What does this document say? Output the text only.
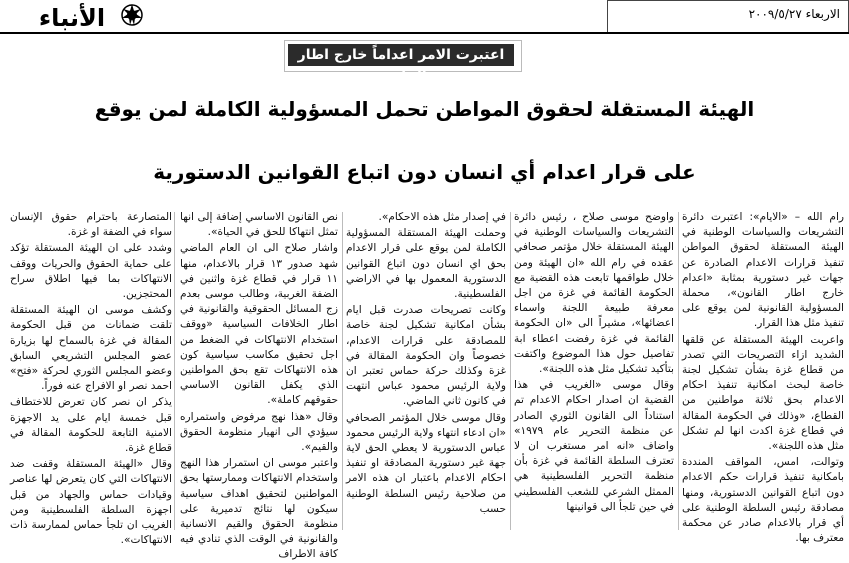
الاربعاء ٢٠٠٩/٥/٢٧
الأنباء
اعتبرت الامر اعداماً خارج اطار القانون
الهيئة المستقلة لحقوق المواطن تحمل المسؤولية الكاملة لمن يوقع
على قرار اعدام أي انسان دون اتباع القوانين الدستورية

رام الله – «الايام»: اعتبرت دائرة التشريعات والسياسات الوطنية في الهيئة المستقلة لحقوق المواطن تنفيذ قرارات الاعدام الصادرة عن جهات غير دستورية بمثابة «اعدام خارج اطار القانون»، محملة المسؤولية القانونية لمن يوقع على تنفيذ مثل هذا القرار.

واعربت الهيئة المستقلة عن قلقها الشديد ازاء التصريحات التي تصدر من قطاع غزة بشأن تشكيل لجنة خاصة لبحث امكانية تنفيذ احكام الاعدام بحق ثلاثة مواطنين من القطاع، «وذلك في الحكومة المقالة في قطاع غزة اكدت انها لم تشكل مثل هذه اللجنة».

وتوالت، امس، المواقف المنددة بامكانية تنفيذ قرارات حكم الاعدام دون اتباع القوانين الدستورية، ومنها مصادقة رئيس السلطة الوطنية على أي قرار بالاعدام صادر عن محكمة معترف بها.

واوضح موسى صلاح ، رئيس دائرة التشريعات والسياسات الوطنية في الهيئة المستقلة خلال مؤتمر صحافي عقده في رام الله «ان الهيئة ومن خلال طواقمها تابعت هذه القضية مع الحكومة القائمة في غزة من اجل معرفة طبيعة اللجنة واسماء اعضائها»، مشيراً الى «ان الحكومة القائمة في غزة رفضت اعطاء ابة تفاصيل حول هذا الموضوع واكتفت بتأكيد تشكيل مثل هذه اللجنة».

وقال موسى «الغريب في هذا القضية ان اصدار احكام الاعدام تم استناداً الى القانون الثوري الصادر عن منظمة التحرير عام ١٩٧٩» واضاف «انه امر مستغرب ان لا تعترف السلطة القائمة في غزة بأن منظمة التحرير الفلسطينية هي الممثل الشرعي للشعب الفلسطيني في حين تلجأ الى قوانينها

في إصدار مثل هذه الاحكام».

وحملت الهيئة المستقلة المسؤولية الكاملة لمن يوقع على قرار الاعدام بحق اي انسان دون اتباع القوانين الدستورية المعمول بها في الاراضي الفلسطينية.

وكانت تصريحات صدرت قبل ايام بشأن امكانية تشكيل لجنة خاصة للمصادقة على قرارات الاعدام، خصوصاً وان الحكومة المقالة في غزة وكذلك حركة حماس تعتبر ان ولاية الرئيس محمود عباس انتهت في كانون ثاني الماضي.

وقال موسى خلال المؤتمر الصحافي «ان ادعاء انتهاء ولاية الرئيس محمود عباس الدستورية لا يعطي الحق لاية جهة غير دستورية المصادقة او تنفيذ احكام الاعدام باعتبار ان هذه الامر من صلاحية رئيس السلطة الوطنية حسب

نص القانون الاساسي إضافة إلى انها تمثل انتهاكا للحق في الحياة».

واشار صلاح الى ان العام الماضي شهد صدور ١٣ قرار بالاعدام، منها ١١ قرار في قطاع غزة واثنين في الضفة الغربية، وطالب موسى بعدم زج المسائل الحقوقية والقانونية في اطار الخلافات السياسية «ووقف استخدام الانتهاكات في الضغط من اجل تحقيق مكاسب سياسية كون هذه الانتهاكات تقع بحق المواطنين الذي يكفل القانون الاساسي حقوقهم كاملة».

وقال «هذا نهج مرفوض واستمراره سيؤدي الى انهيار منظومة الحقوق والقيم».

واعتبر موسى ان استمرار هذا النهج واستخدام الانتهاكات وممارستها بحق المواطنين لتحقيق اهداف سياسية سيكون لها نتائج تدميرية على منظومة الحقوق والقيم الانسانية والقانونية في الوقت الذي تنادي فيه كافة الاطراف

المتصارعة باحترام حقوق الإنسان سواء في الضفة او غزة.

وشدد على ان الهيئة المستقلة تؤكد على حماية الحقوق والحريات ووقف الانتهاكات بما فيها اطلاق سراح المحتجزين.

وكشف موسى ان الهيئة المستقلة تلقت ضمانات من قبل الحكومة المقالة في غزة بالسماح لها بزيارة عضو المجلس التشريعي السابق وعضو المجلس الثوري لحركة «فتح» احمد نصر او الافراج عنه فوراً.

يذكر ان نصر كان تعرض للاختطاف قبل خمسة ايام على يد الاجهزة الامنية التابعة للحكومة المقالة في قطاع غزة.

وقال «الهيئة المستقلة وقفت ضد الانتهاكات التي كان يتعرض لها عناصر وقيادات حماس والجهاد من قبل اجهزة السلطة الفلسطينية ومن الغريب ان تلجأ حماس لممارسة ذات الانتهاكات».
